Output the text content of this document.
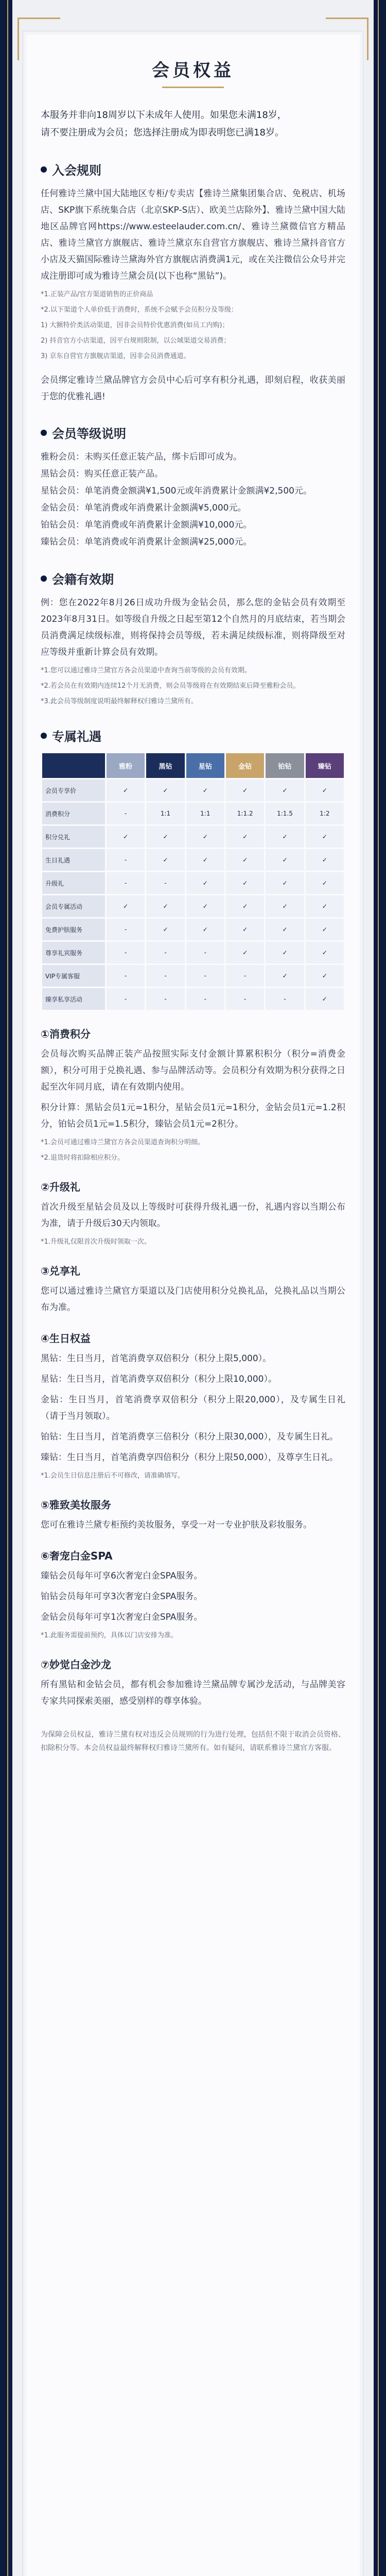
会员权益

本服务并非向18周岁以下未成年人使用。如果您未满18岁，

请不要注册成为会员；您选择注册成为即表明您已满18岁。

入会规则

任何雅诗兰黛中国大陆地区专柜/专卖店【雅诗兰黛集团集合店、免税店、机场店、SKP旗下系统集合店（北京SKP-S店）、欧美兰店除外】、雅诗兰黛中国大陆地区品牌官网https://www.esteelauder.com.cn/、雅诗兰黛微信官方精品店、雅诗兰黛官方旗舰店、雅诗兰黛京东自营官方旗舰店、雅诗兰黛抖音官方小店及天猫国际雅诗兰黛海外官方旗舰店消费满1元，或在关注微信公众号并完成注册即可成为雅诗兰黛会员(以下也称“黑钻”)。

*1.正装产品/官方渠道销售的正价商品

*2.以下渠道个人单价低于消费时，系统不会赋予会员积分及等级：

1) 大额特价类活动渠道，因非会员特价优惠消费(如员工内购)；

2) 抖音官方小店渠道，因平台规则限制，以公域渠道交易消费；

3) 京东自营官方旗舰店渠道，因非会员消费通道。

会员绑定雅诗兰黛品牌官方会员中心后可享有积分礼遇，即刻启程，收获美丽于您的优雅礼遇!

会员等级说明
雅粉会员：未购买任意正装产品，绑卡后即可成为。
黑钻会员：购买任意正装产品。
星钻会员：单笔消费金额满¥1,500元或年消费累计金额满¥2,500元。
金钻会员：单笔消费或年消费累计金额满¥5,000元。
铂钻会员：单笔消费或年消费累计金额满¥10,000元。
臻钻会员：单笔消费或年消费累计金额满¥25,000元。
会籍有效期

例：您在2022年8月26日成功升级为金钻会员，那么您的金钻会员有效期至2023年8月31日。如等级自升级之日起至第12个自然月的月底结束，若当期会员消费满足续级标准，则将保持会员等级，若未满足续级标准，则将降级至对应等级并重新计算会员有效期。

*1.您可以通过雅诗兰黛官方各会员渠道中查询当前等级的会员有效期。

*2.若会员在有效期内连续12个月无消费，则会员等级将在有效期结束后降至雅粉会员。

*3.此会员等级制度说明最终解释权归雅诗兰黛所有。

专属礼遇
	雅粉	黑钻	星钻	金钻	铂钻	臻钻
会员专享价	✓	✓	✓	✓	✓	✓
消费积分	-	1:1	1:1	1:1.2	1:1.5	1:2
积分兑礼	✓	✓	✓	✓	✓	✓
生日礼遇	-	✓	✓	✓	✓	✓
升级礼	-	-	✓	✓	✓	✓
会员专属活动	✓	✓	✓	✓	✓	✓
免费护肤服务	-	✓	✓	✓	✓	✓
尊享礼宾服务	-	-	-	✓	✓	✓
VIP专属客服	-	-	-	-	✓	✓
臻享私享活动	-	-	-	-	-	✓
①消费积分

会员每次购买品牌正装产品按照实际支付金额计算累积积分（积分=消费金额），积分可用于兑换礼遇、参与品牌活动等。会员积分有效期为积分获得之日起至次年同月底，请在有效期内使用。

积分计算：黑钻会员1元=1积分，星钻会员1元=1积分，金钻会员1元=1.2积分，铂钻会员1元=1.5积分，臻钻会员1元=2积分。

*1.会员可通过雅诗兰黛官方各会员渠道查询积分明细。

*2.退货时将扣除相应积分。

②升级礼

首次升级至星钻会员及以上等级时可获得升级礼遇一份，礼遇内容以当期公布为准，请于升级后30天内领取。

*1.升级礼仅限首次升级时领取一次。

③兑享礼

您可以通过雅诗兰黛官方渠道以及门店使用积分兑换礼品，兑换礼品以当期公布为准。

④生日权益

黑钻：生日当月，首笔消费享双倍积分（积分上限5,000）。

星钻：生日当月，首笔消费享双倍积分（积分上限10,000）。

金钻：生日当月，首笔消费享双倍积分（积分上限20,000），及专属生日礼（请于当月领取）。

铂钻：生日当月，首笔消费享三倍积分（积分上限30,000），及专属生日礼。

臻钻：生日当月，首笔消费享四倍积分（积分上限50,000），及尊享生日礼。

*1.会员生日信息注册后不可修改，请准确填写。

⑤雅致美妆服务

您可在雅诗兰黛专柜预约美妆服务，享受一对一专业护肤及彩妆服务。

⑥奢宠白金SPA

臻钻会员每年可享6次奢宠白金SPA服务。

铂钻会员每年可享3次奢宠白金SPA服务。

金钻会员每年可享1次奢宠白金SPA服务。

*1.此服务需提前预约，具体以门店安排为准。

⑦妙觉白金沙龙

所有黑钻和金钻会员，都有机会参加雅诗兰黛品牌专属沙龙活动，与品牌美容专家共同探索美丽，感受别样的尊享体验。

为保障会员权益，雅诗兰黛有权对违反会员规则的行为进行处理，包括但不限于取消会员资格、扣除积分等。本会员权益最终解释权归雅诗兰黛所有。如有疑问，请联系雅诗兰黛官方客服。
